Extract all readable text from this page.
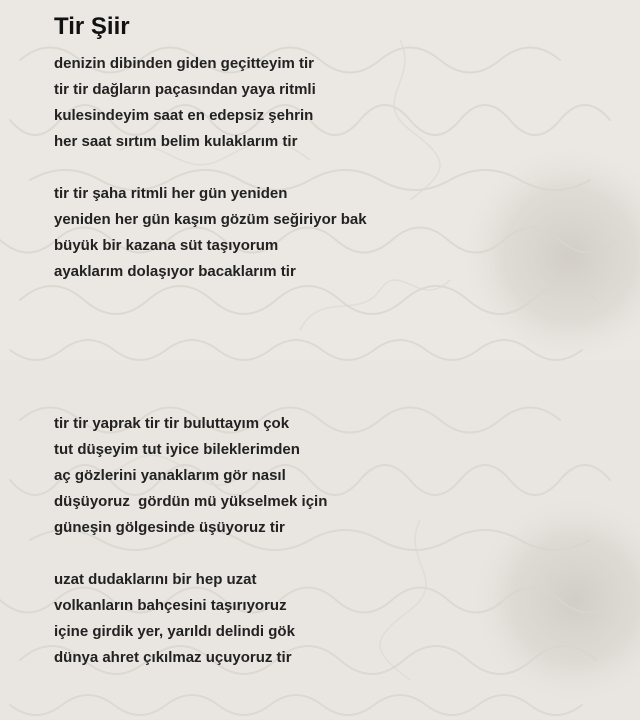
Tir Şiir
denizin dibinden giden geçitteyim tir
tir tir dağların paçasından yaya ritmli
kulesindeyim saat en edepsiz şehrin
her saat sırtım belim kulaklarım tir
tir tir şaha ritmli her gün yeniden
yeniden her gün kaşım gözüm seğiriyor bak
büyük bir kazana süt taşıyorum
ayaklarım dolaşıyor bacaklarım tir
tir tir yaprak tir tir buluttayım çok
tut düşeyim tut iyice bileklerimden
aç gözlerini yanaklarım gör nasıl
düşüyoruz  gördün mü yükselmek için
güneşin gölgesinde üşüyoruz tir
uzat dudaklarını bir hep uzat
volkanların bahçesini taşırıyoruz
içine girdik yer, yarıldı delindi gök
dünya ahret çıkılmaz uçuyoruz tir
